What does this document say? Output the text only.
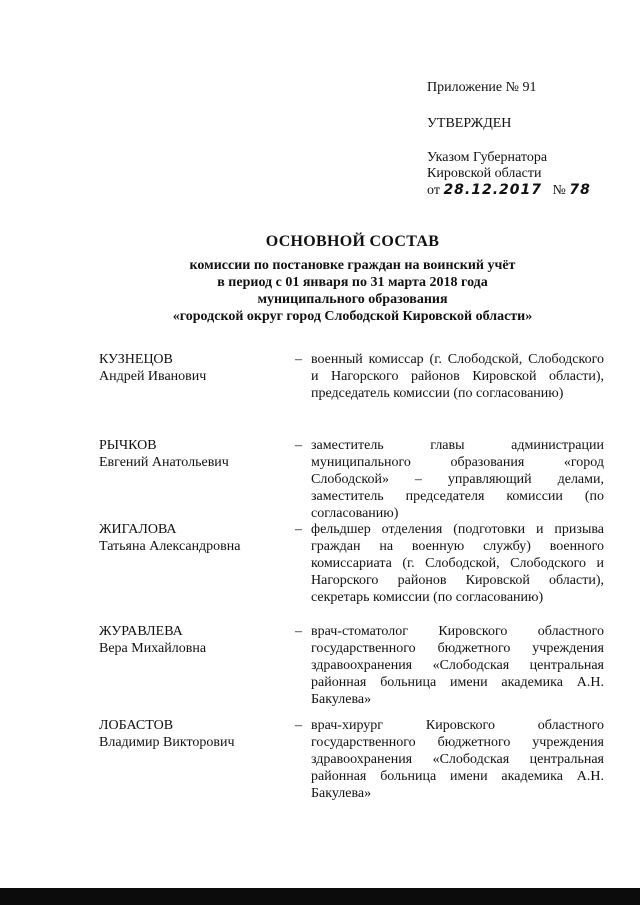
Приложение № 91
УТВЕРЖДЕН
Указом Губернатора
Кировской области
от 28.12.2017 № 78
ОСНОВНОЙ СОСТАВ
комиссии по постановке граждан на воинский учёт
в период с 01 января по 31 марта 2018 года
муниципального образования
«городской округ город Слободской Кировской области»
КУЗНЕЦОВ
Андрей Иванович
– военный комиссар (г. Слободской, Слободского и Нагорского районов Кировской области), председатель комиссии (по согласованию)
РЫЧКОВ
Евгений Анатольевич
– заместитель главы администрации муниципального образования «город Слободской» – управляющий делами, заместитель председателя комиссии (по согласованию)
ЖИГАЛОВА
Татьяна Александровна
– фельдшер отделения (подготовки и призыва граждан на военную службу) военного комиссариата (г. Слободской, Слободского и Нагорского районов Кировской области), секретарь комиссии (по согласованию)
ЖУРАВЛЕВА
Вера Михайловна
– врач-стоматолог Кировского областного государственного бюджетного учреждения здравоохранения «Слободская центральная районная больница имени академика А.Н. Бакулева»
ЛОБАСТОВ
Владимир Викторович
– врач-хирург Кировского областного государственного бюджетного учреждения здравоохранения «Слободская центральная районная больница имени академика А.Н. Бакулева»
